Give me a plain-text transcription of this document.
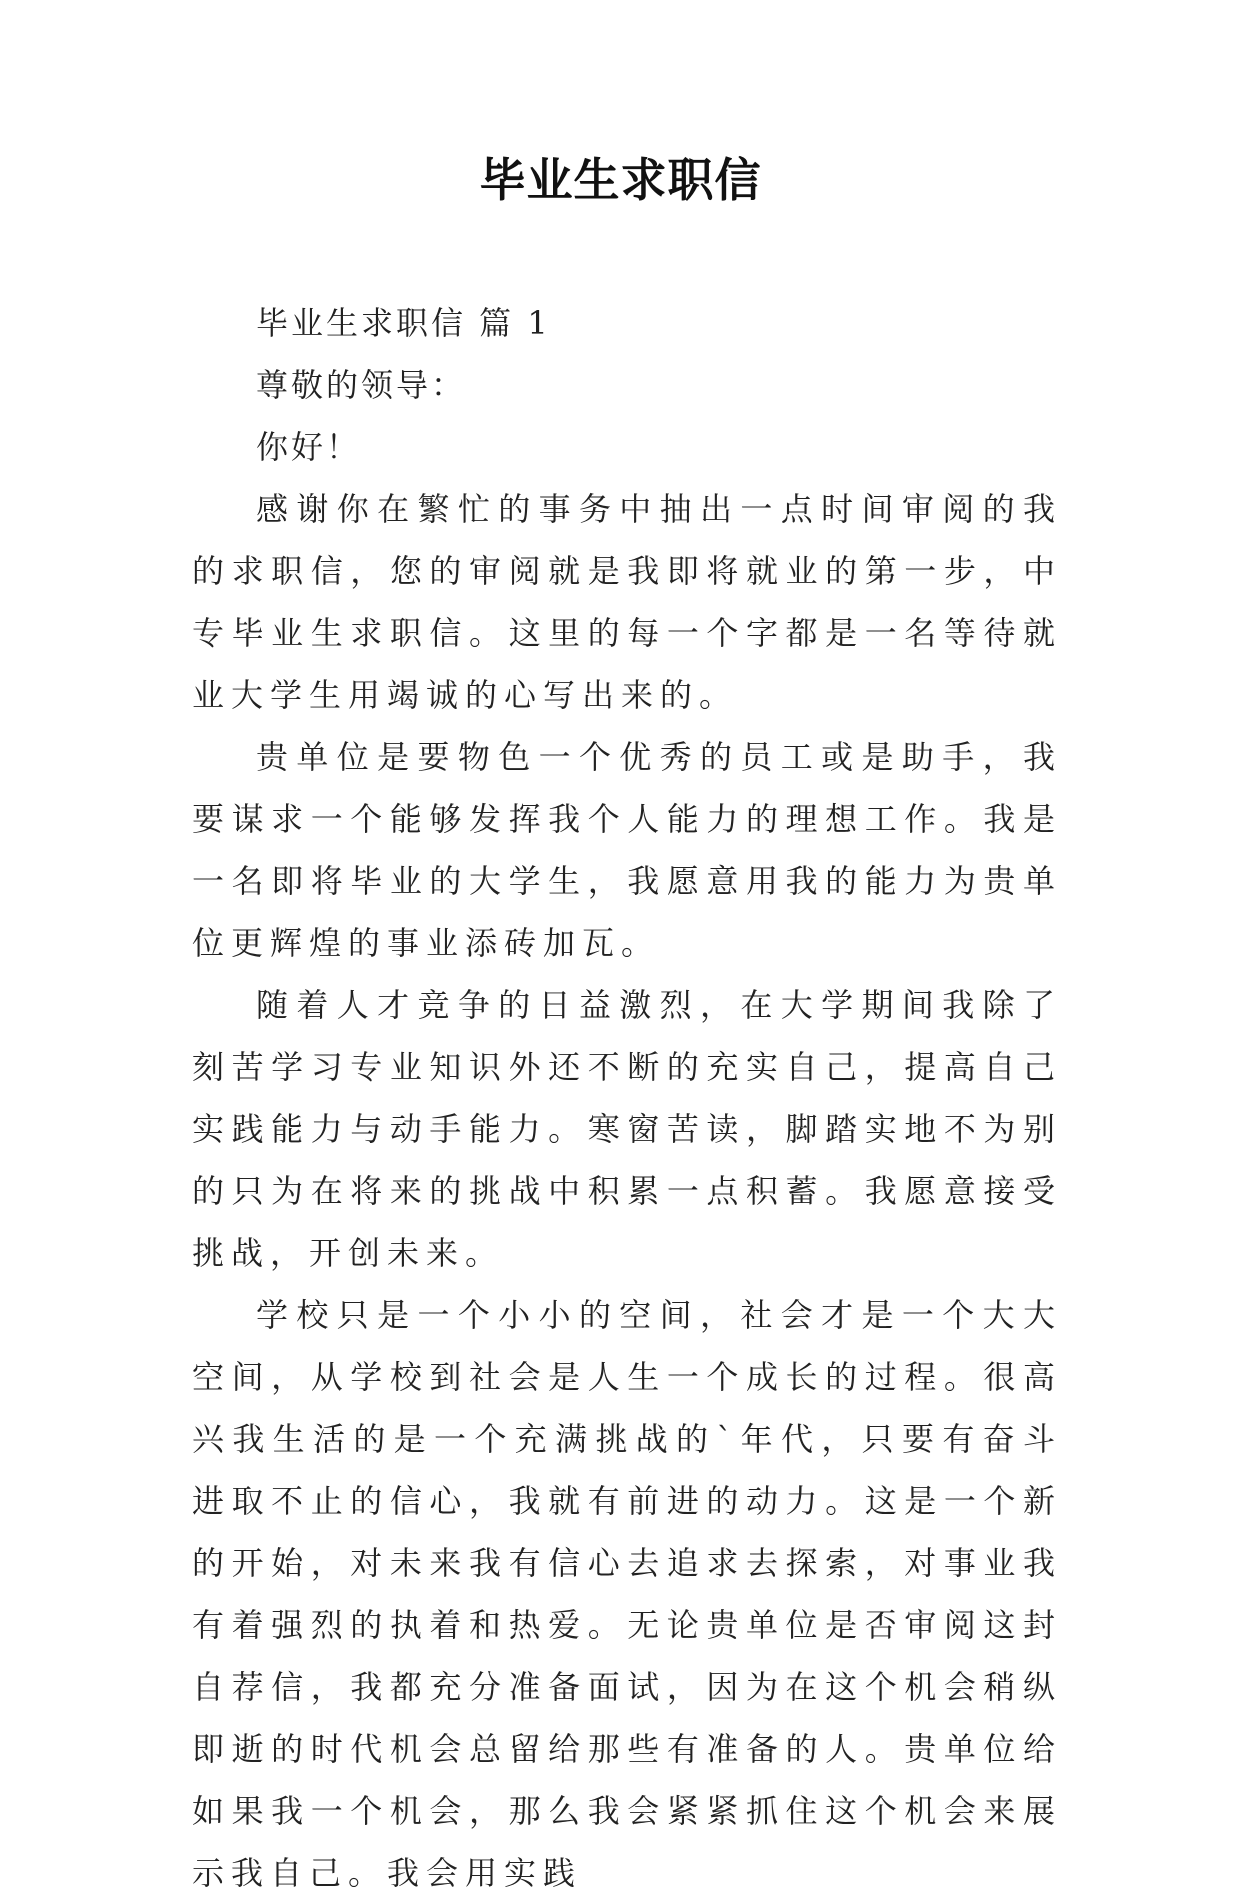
毕业生求职信

毕业生求职信 篇 1

尊敬的领导：

你好！

感谢你在繁忙的事务中抽出一点时间审阅的我的求职信，您的审阅就是我即将就业的第一步，中专毕业生求职信。这里的每一个字都是一名等待就业大学生用竭诚的心写出来的。

贵单位是要物色一个优秀的员工或是助手，我要谋求一个能够发挥我个人能力的理想工作。我是一名即将毕业的大学生，我愿意用我的能力为贵单位更辉煌的事业添砖加瓦。

随着人才竞争的日益激烈，在大学期间我除了刻苦学习专业知识外还不断的充实自己，提高自己实践能力与动手能力。寒窗苦读，脚踏实地不为别的只为在将来的挑战中积累一点积蓄。我愿意接受挑战，开创未来。

学校只是一个小小的空间，社会才是一个大大空间，从学校到社会是人生一个成长的过程。很高兴我生活的是一个充满挑战的`年代，只要有奋斗进取不止的信心，我就有前进的动力。这是一个新的开始，对未来我有信心去追求去探索，对事业我有着强烈的执着和热爱。无论贵单位是否审阅这封自荐信，我都充分准备面试，因为在这个机会稍纵即逝的时代机会总留给那些有准备的人。贵单位给如果我一个机会，那么我会紧紧抓住这个机会来展示我自己。我会用实践
